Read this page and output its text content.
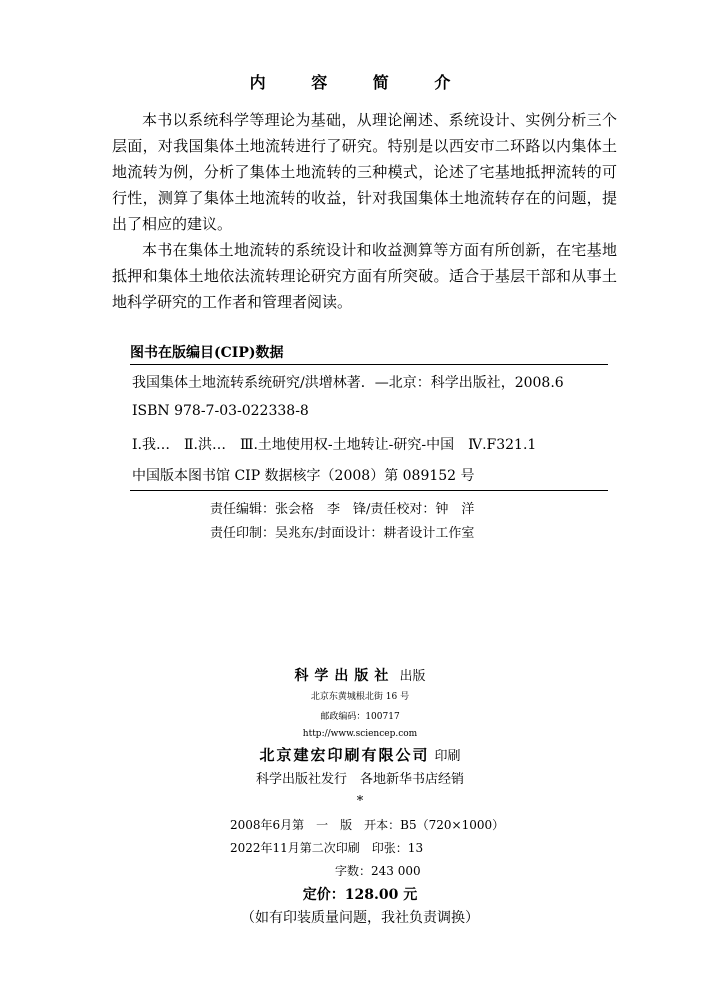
内 容 简 介

本书以系统科学等理论为基础，从理论阐述、系统设计、实例分析三个层面，对我国集体土地流转进行了研究。特别是以西安市二环路以内集体土地流转为例，分析了集体土地流转的三种模式，论述了宅基地抵押流转的可行性，测算了集体土地流转的收益，针对我国集体土地流转存在的问题，提出了相应的建议。

本书在集体土地流转的系统设计和收益测算等方面有所创新，在宅基地抵押和集体土地依法流转理论研究方面有所突破。适合于基层干部和从事土地科学研究的工作者和管理者阅读。

图书在版编目(CIP)数据
我国集体土地流转系统研究/洪增林著．—北京：科学出版社，2008.6
ISBN 978-7-03-022338-8
Ⅰ.我…　Ⅱ.洪…　Ⅲ.土地使用权-土地转让-研究-中国　Ⅳ.F321.1
中国版本图书馆 CIP 数据核字（2008）第 089152 号
责任编辑：张会格　李　锋/责任校对：钟　洋
责任印制：吴兆东/封面设计：耕者设计工作室
科学出版社 出版
北京东黄城根北街 16 号
邮政编码：100717
http://www.sciencep.com
北京建宏印刷有限公司 印刷
科学出版社发行　各地新华书店经销
*
2008年6月第　一　版　开本：B5（720×1000）
2022年11月第二次印刷　印张：13
字数：243 000
定价：128.00 元
（如有印装质量问题，我社负责调换）
